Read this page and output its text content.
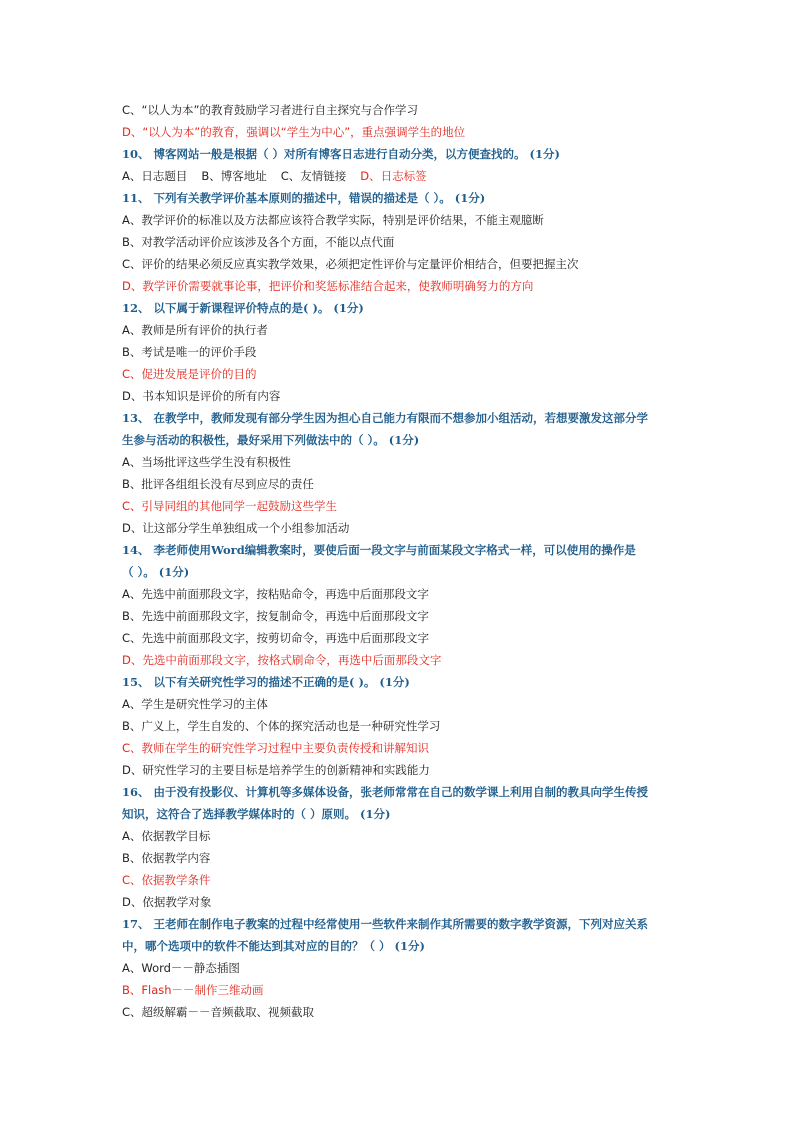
C、“以人为本”的教育鼓励学习者进行自主探究与合作学习
D、“以人为本”的教育，强调以“学生为中心”，重点强调学生的地位
10、 博客网站一般是根据（ ）对所有博客日志进行自动分类，以方便查找的。 (1分)
A、日志题目 B、博客地址 C、友情链接 D、日志标签
11、 下列有关教学评价基本原则的描述中，错误的描述是（ ）。 (1分)
A、教学评价的标准以及方法都应该符合教学实际，特别是评价结果，不能主观臆断
B、对教学活动评价应该涉及各个方面，不能以点代面
C、评价的结果必须反应真实教学效果，必须把定性评价与定量评价相结合，但要把握主次
D、教学评价需要就事论事，把评价和奖惩标准结合起来，使教师明确努力的方向
12、 以下属于新课程评价特点的是( )。 (1分)
A、教师是所有评价的执行者
B、考试是唯一的评价手段
C、促进发展是评价的目的
D、书本知识是评价的所有内容
13、 在教学中，教师发现有部分学生因为担心自己能力有限而不想参加小组活动，若想要激发这部分学
生参与活动的积极性，最好采用下列做法中的（ ）。 (1分)
A、当场批评这些学生没有积极性
B、批评各组组长没有尽到应尽的责任
C、引导同组的其他同学一起鼓励这些学生
D、让这部分学生单独组成一个小组参加活动
14、 李老师使用Word编辑教案时，要使后面一段文字与前面某段文字格式一样，可以使用的操作是
（ ）。 (1分)
A、先选中前面那段文字，按粘贴命令，再选中后面那段文字
B、先选中前面那段文字，按复制命令，再选中后面那段文字
C、先选中前面那段文字，按剪切命令，再选中后面那段文字
D、先选中前面那段文字，按格式刷命令，再选中后面那段文字
15、 以下有关研究性学习的描述不正确的是( )。 (1分)
A、学生是研究性学习的主体
B、广义上，学生自发的、个体的探究活动也是一种研究性学习
C、教师在学生的研究性学习过程中主要负责传授和讲解知识
D、研究性学习的主要目标是培养学生的创新精神和实践能力
16、 由于没有投影仪、计算机等多媒体设备，张老师常常在自己的数学课上利用自制的教具向学生传授
知识，这符合了选择教学媒体时的（ ）原则。 (1分)
A、依据教学目标
B、依据教学内容
C、依据教学条件
D、依据教学对象
17、 王老师在制作电子教案的过程中经常使用一些软件来制作其所需要的数字教学资源，下列对应关系
中，哪个选项中的软件不能达到其对应的目的？（ ） (1分)
A、Word－－静态插图
B、Flash－－制作三维动画
C、超级解霸－－音频截取、视频截取
